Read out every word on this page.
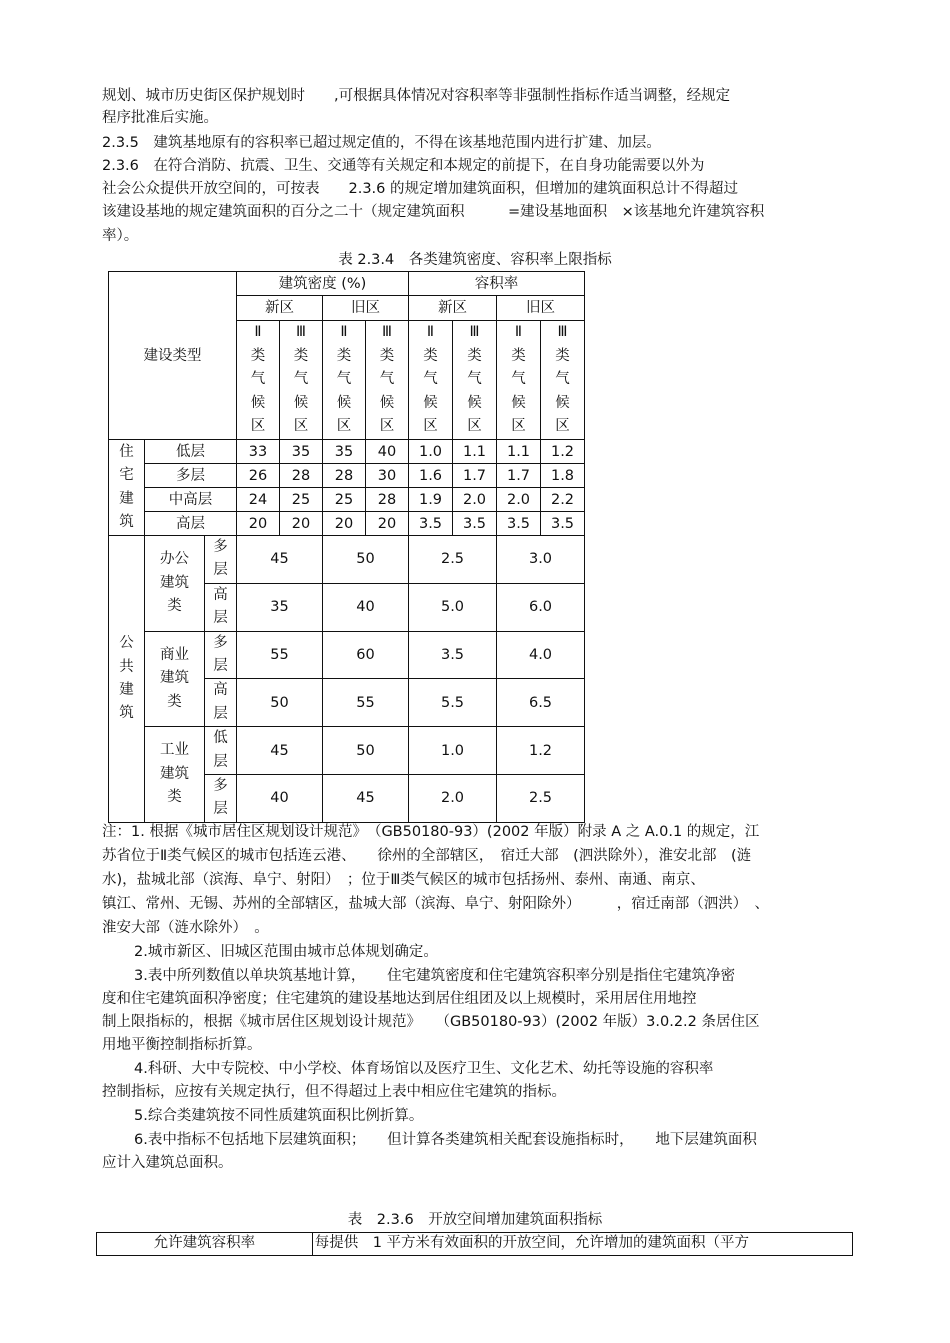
规划、城市历史街区保护规划时　　,可根据具体情况对容积率等非强制性指标作适当调整，经规定
程序批准后实施。
2.3.5　建筑基地原有的容积率已超过规定值的，不得在该基地范围内进行扩建、加层。
2.3.6　在符合消防、抗震、卫生、交通等有关规定和本规定的前提下，在自身功能需要以外为
社会公众提供开放空间的，可按表　　2.3.6 的规定增加建筑面积，但增加的建筑面积总计不得超过
该建设基地的规定建筑面积的百分之二十（规定建筑面积　　　=建设基地面积　×该基地允许建筑容积
率）。
表 2.3.4　各类建筑密度、容积率上限指标
建设类型			建筑密度 (%)				容积率			
			新区		旧区		新区		旧区	

			Ⅱ
类
气
候
区	Ⅲ
类
气
候
区	Ⅱ
类
气
候
区	Ⅲ
类
气
候
区	Ⅱ
类
气
候
区	Ⅲ
类
气
候
区	Ⅱ
类
气
候
区	Ⅲ
类
气
候
区

住
宅
建
筑	低层		33	35	35	40	1.0	1.1	1.1	1.2
	多层		26	28	28	30	1.6	1.7	1.7	1.8
	中高层		24	25	25	28	1.9	2.0	2.0	2.2
	高层		20	20	20	20	3.5	3.5	3.5	3.5

公
共
建
筑	办公
建筑
类	多
层	45		50		2.5		3.0	

		高
层	35		40		5.0		6.0	

	商业
建筑
类	多
层	55		60		3.5		4.0	

		高
层	50		55		5.5		6.5	

	工业
建筑
类	低
层	45		50		1.0		1.2	

		多
层	40		45		2.0		2.5	
注：1. 根据《城市居住区规划设计规范》　（GB50180-93）(2002 年版）附录 A 之 A.0.1 的规定，江
苏省位于Ⅱ类气候区的城市包括连云港、　　徐州的全部辖区，　宿迁大部　(泗洪除外），淮安北部　(涟
水)，盐城北部（滨海、阜宁、射阳）　；位于Ⅲ类气候区的城市包括扬州、泰州、南通、南京、
镇江、常州、无锡、苏州的全部辖区，盐城大部（滨海、阜宁、射阳除外）　　　，宿迁南部（泗洪）　、
淮安大部（涟水除外）　。
2.城市新区、旧城区范围由城市总体规划确定。
3.表中所列数值以单块筑基地计算，　　住宅建筑密度和住宅建筑容积率分别是指住宅建筑净密
度和住宅建筑面积净密度；住宅建筑的建设基地达到居住组团及以上规模时，采用居住用地控
制上限指标的，根据《城市居住区规划设计规范》　　（GB50180-93）(2002 年版）3.0.2.2 条居住区
用地平衡控制指标折算。
4.科研、大中专院校、中小学校、体育场馆以及医疗卫生、文化艺术、幼托等设施的容积率
控制指标，应按有关规定执行，但不得超过上表中相应住宅建筑的指标。
5.综合类建筑按不同性质建筑面积比例折算。
6.表中指标不包括地下层建筑面积；　　但计算各类建筑相关配套设施指标时，　　地下层建筑面积
应计入建筑总面积。
表　2.3.6　开放空间增加建筑面积指标
允许建筑容积率	每提供　1 平方米有效面积的开放空间，允许增加的建筑面积（平方
